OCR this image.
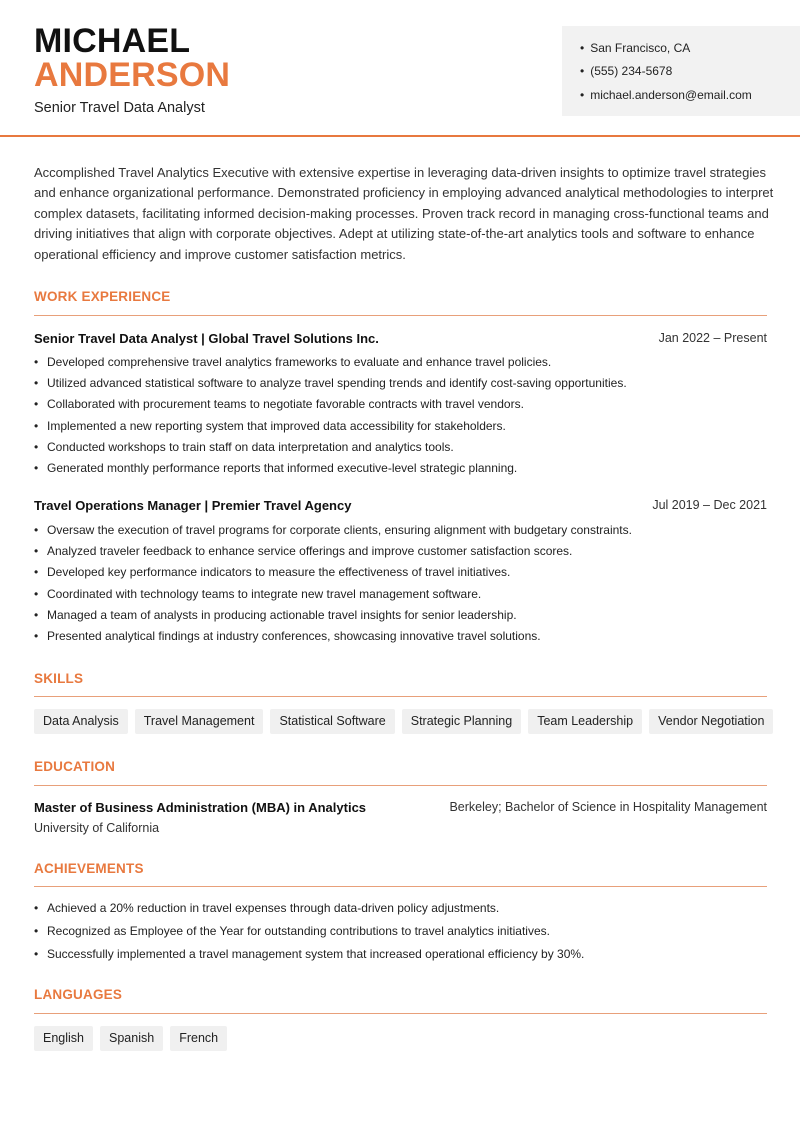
MICHAEL
ANDERSON
Senior Travel Data Analyst
• San Francisco, CA
• (555) 234-5678
• michael.anderson@email.com
Accomplished Travel Analytics Executive with extensive expertise in leveraging data-driven insights to optimize travel strategies and enhance organizational performance. Demonstrated proficiency in employing advanced analytical methodologies to interpret complex datasets, facilitating informed decision-making processes. Proven track record in managing cross-functional teams and driving initiatives that align with corporate objectives. Adept at utilizing state-of-the-art analytics tools and software to enhance operational efficiency and improve customer satisfaction metrics.
WORK EXPERIENCE
Senior Travel Data Analyst | Global Travel Solutions Inc.	Jan 2022 – Present
• Developed comprehensive travel analytics frameworks to evaluate and enhance travel policies.
• Utilized advanced statistical software to analyze travel spending trends and identify cost-saving opportunities.
• Collaborated with procurement teams to negotiate favorable contracts with travel vendors.
• Implemented a new reporting system that improved data accessibility for stakeholders.
• Conducted workshops to train staff on data interpretation and analytics tools.
• Generated monthly performance reports that informed executive-level strategic planning.
Travel Operations Manager | Premier Travel Agency	Jul 2019 – Dec 2021
• Oversaw the execution of travel programs for corporate clients, ensuring alignment with budgetary constraints.
• Analyzed traveler feedback to enhance service offerings and improve customer satisfaction scores.
• Developed key performance indicators to measure the effectiveness of travel initiatives.
• Coordinated with technology teams to integrate new travel management software.
• Managed a team of analysts in producing actionable travel insights for senior leadership.
• Presented analytical findings at industry conferences, showcasing innovative travel solutions.
SKILLS
Data Analysis	Travel Management	Statistical Software	Strategic Planning	Team Leadership	Vendor Negotiation
EDUCATION
Master of Business Administration (MBA) in Analytics	Berkeley; Bachelor of Science in Hospitality Management
University of California
ACHIEVEMENTS
• Achieved a 20% reduction in travel expenses through data-driven policy adjustments.
• Recognized as Employee of the Year for outstanding contributions to travel analytics initiatives.
• Successfully implemented a travel management system that increased operational efficiency by 30%.
LANGUAGES
English	Spanish	French
